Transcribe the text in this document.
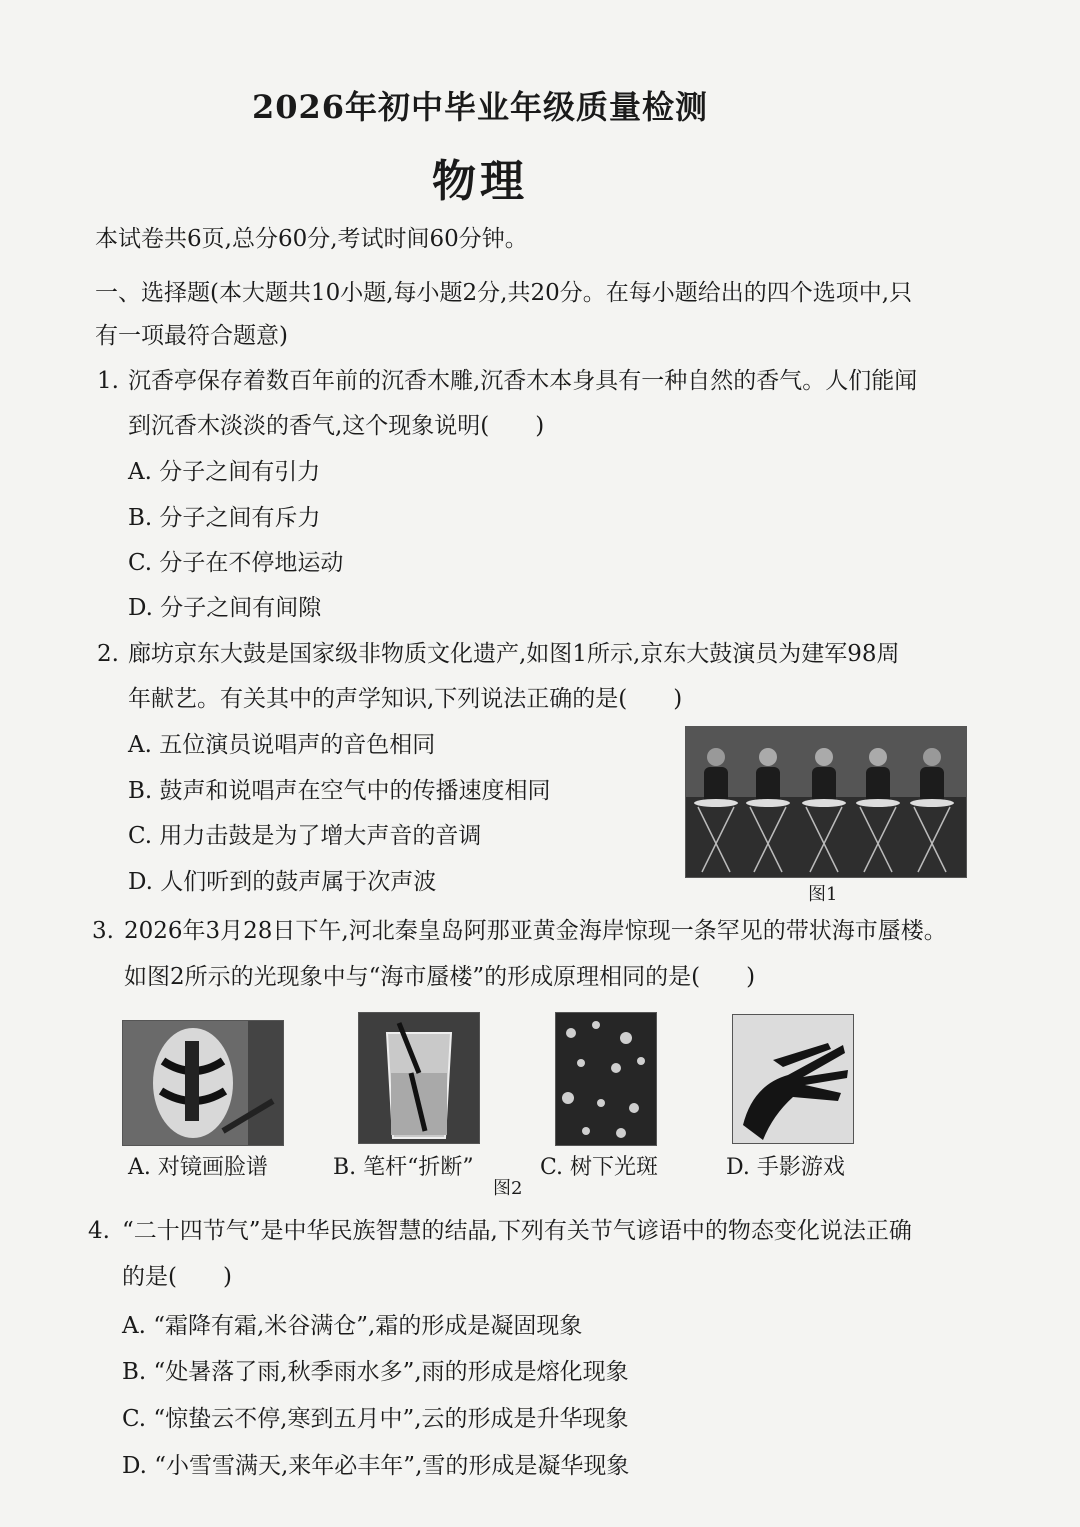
2026年初中毕业年级质量检测
物理
本试卷共6页,总分60分,考试时间60分钟。
一、选择题(本大题共10小题,每小题2分,共20分。在每小题给出的四个选项中,只
有一项最符合题意)
1. 沉香亭保存着数百年前的沉香木雕,沉香木本身具有一种自然的香气。人们能闻
到沉香木淡淡的香气,这个现象说明(　　)
A. 分子之间有引力
B. 分子之间有斥力
C. 分子在不停地运动
D. 分子之间有间隙
2. 廊坊京东大鼓是国家级非物质文化遗产,如图1所示,京东大鼓演员为建军98周
年献艺。有关其中的声学知识,下列说法正确的是(　　)
A. 五位演员说唱声的音色相同
B. 鼓声和说唱声在空气中的传播速度相同
C. 用力击鼓是为了增大声音的音调
D. 人们听到的鼓声属于次声波	图1
3. 2026年3月28日下午,河北秦皇岛阿那亚黄金海岸惊现一条罕见的带状海市蜃楼。
如图2所示的光现象中与“海市蜃楼”的形成原理相同的是(　　)
A. 对镜画脸谱	B. 笔杆“折断”	C. 树下光斑	D. 手影游戏
图2
4. “二十四节气”是中华民族智慧的结晶,下列有关节气谚语中的物态变化说法正确
的是(　　)
A. “霜降有霜,米谷满仓”,霜的形成是凝固现象
B. “处暑落了雨,秋季雨水多”,雨的形成是熔化现象
C. “惊蛰云不停,寒到五月中”,云的形成是升华现象
D. “小雪雪满天,来年必丰年”,雪的形成是凝华现象
